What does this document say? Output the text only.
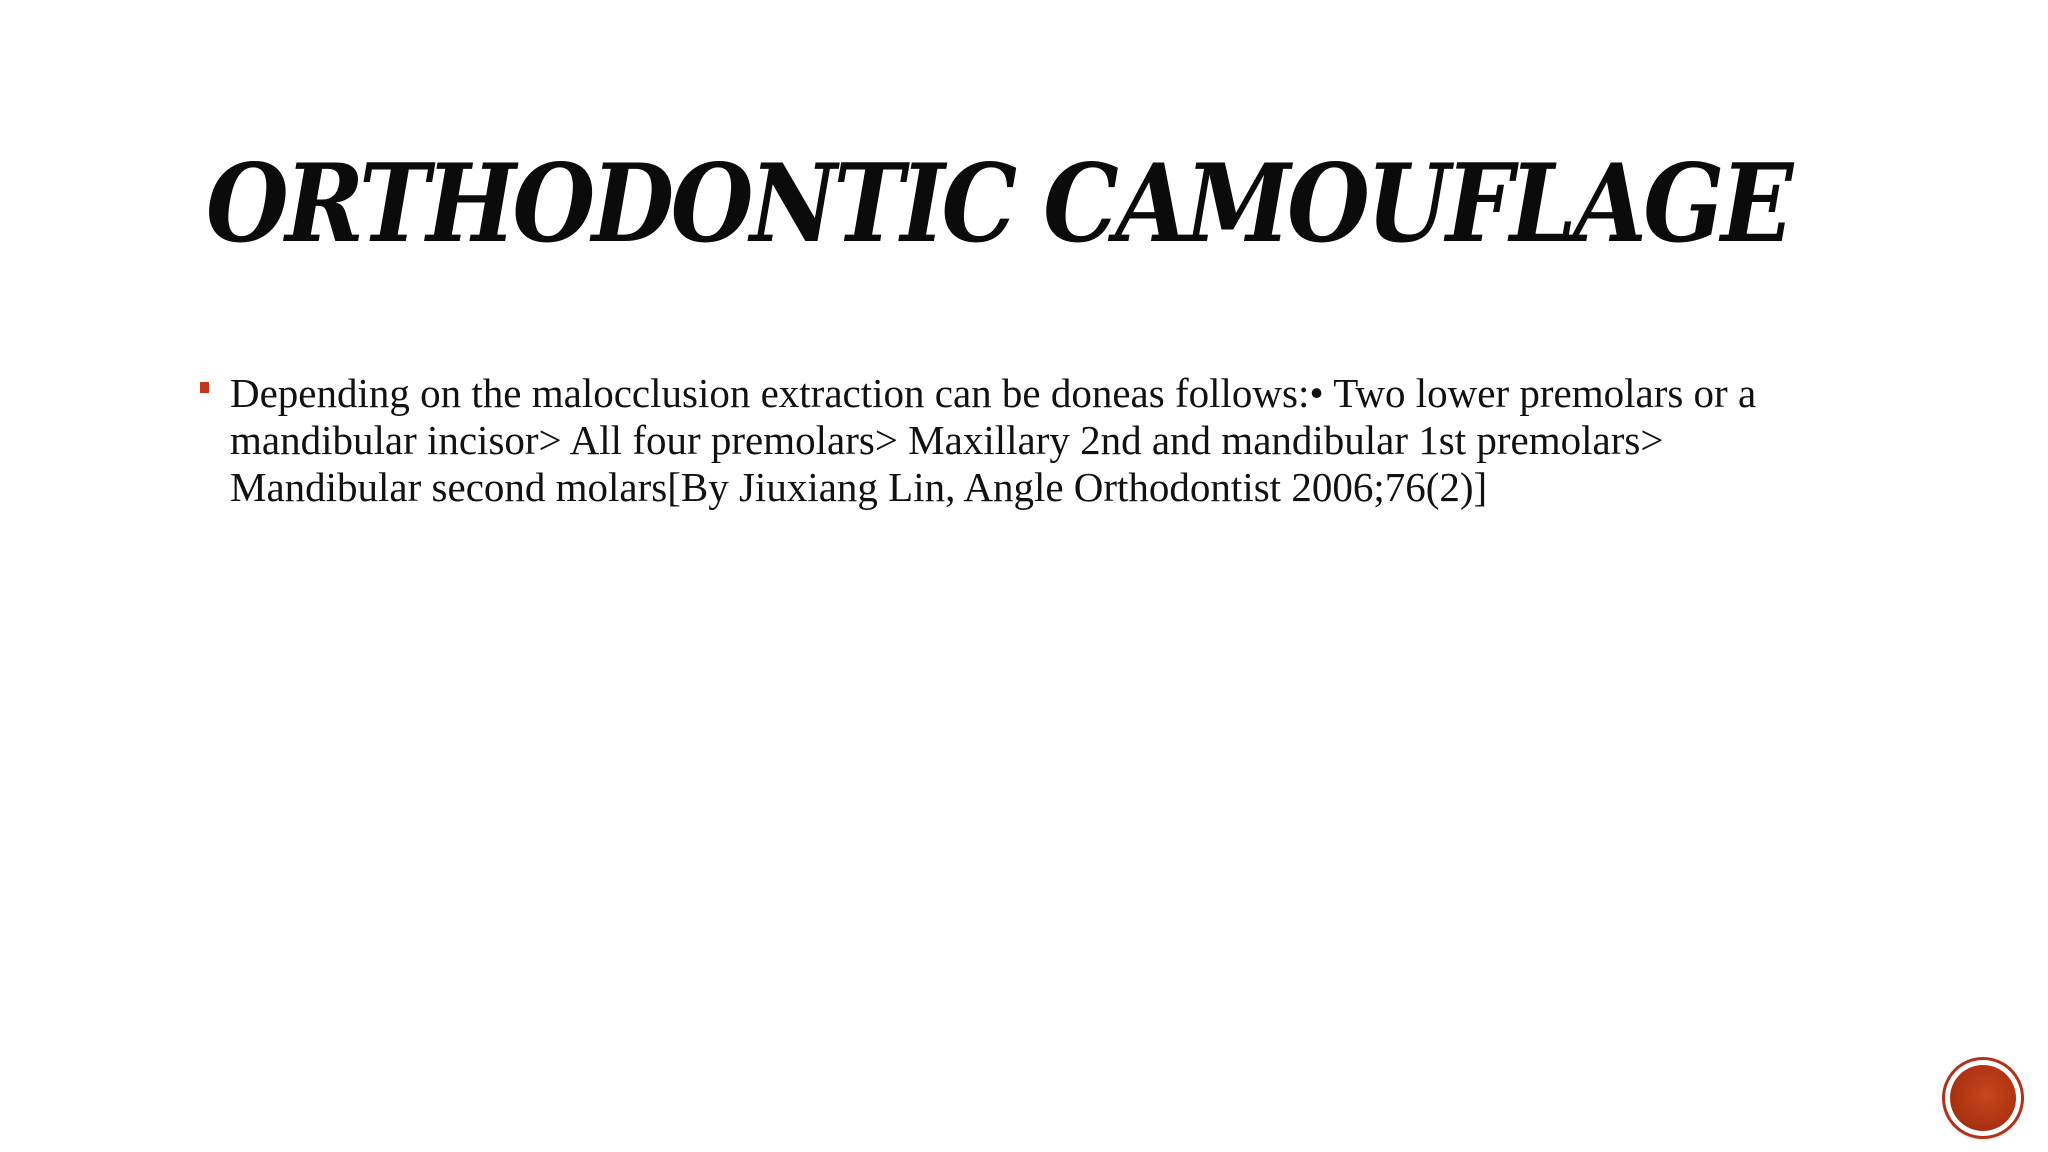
ORTHODONTIC CAMOUFLAGE

Depending on the malocclusion extraction can be doneas follows:• Two lower premolars or a mandibular incisor> All four premolars> Maxillary 2nd and mandibular 1st premolars> Mandibular second molars[By Jiuxiang Lin, Angle Orthodontist 2006;76(2)]
